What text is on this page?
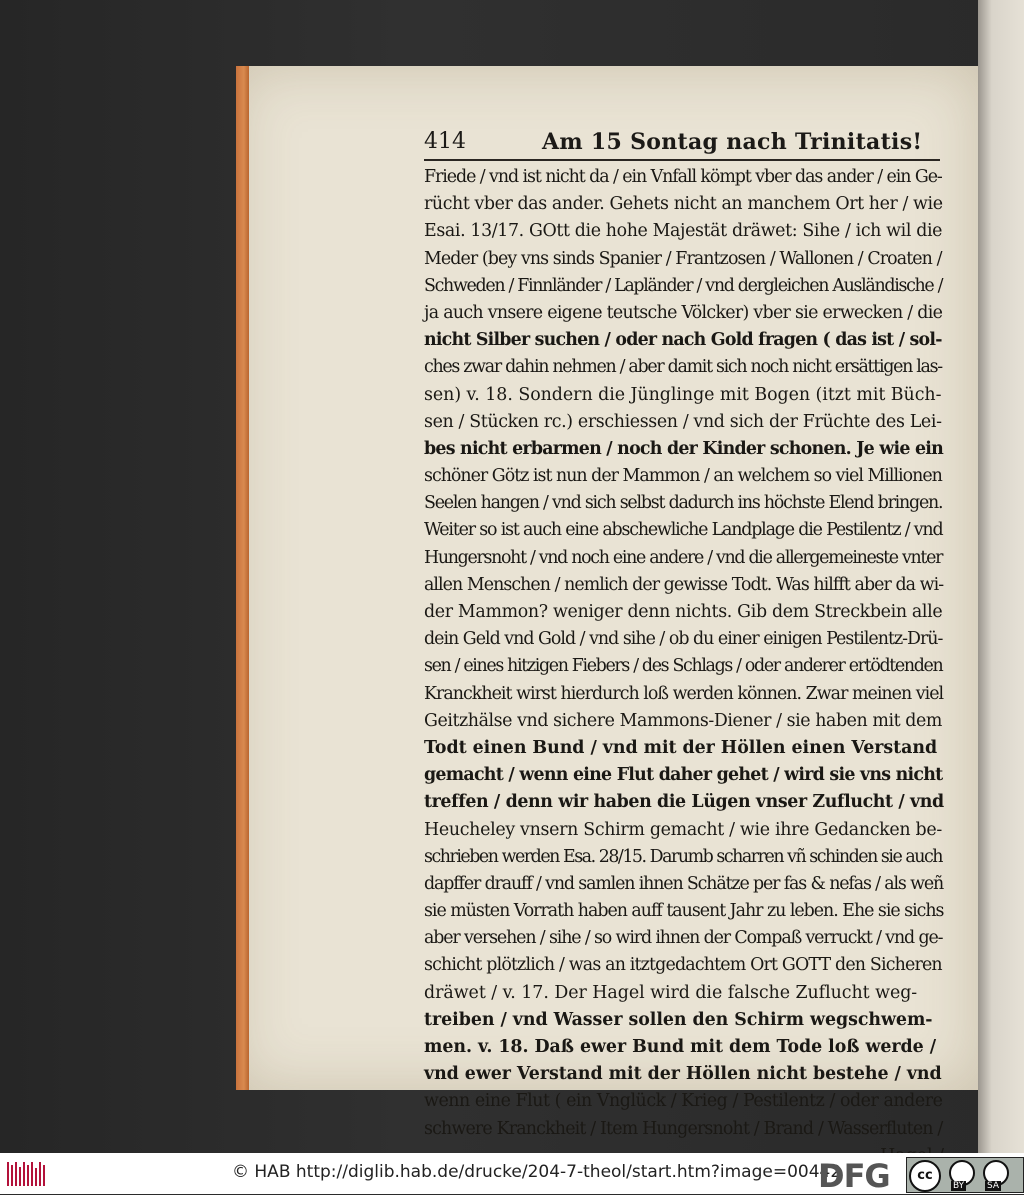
414	Am 15 Sontag nach Trinitatis!
Friede / vnd ist nicht da / ein Vnfall kömpt vber das ander / ein Ge-
rücht vber das ander. Gehets nicht an manchem Ort her / wie
Esai. 13/17. GOtt die hohe Majestät dräwet: Sihe / ich wil die
Meder (bey vns sinds Spanier / Frantzosen / Wallonen / Croaten /
Schweden / Finnländer / Lapländer / vnd dergleichen Ausländische /
ja auch vnsere eigene teutsche Völcker) vber sie erwecken / die
nicht Silber suchen / oder nach Gold fragen ( das ist / sol-
ches zwar dahin nehmen / aber damit sich noch nicht ersättigen las-
sen) v. 18. Sondern die Jünglinge mit Bogen (itzt mit Büch-
sen / Stücken rc.) erschiessen / vnd sich der Früchte des Lei-
bes nicht erbarmen / noch der Kinder schonen. Je wie ein
schöner Götz ist nun der Mammon / an welchem so viel Millionen
Seelen hangen / vnd sich selbst dadurch ins höchste Elend bringen.
Weiter so ist auch eine abschewliche Landplage die Pestilentz / vnd
Hungersnoht / vnd noch eine andere / vnd die allergemeineste vnter
allen Menschen / nemlich der gewisse Todt. Was hilfft aber da wi-
der Mammon? weniger denn nichts. Gib dem Streckbein alle
dein Geld vnd Gold / vnd sihe / ob du einer einigen Pestilentz-Drü-
sen / eines hitzigen Fiebers / des Schlags / oder anderer ertödtenden
Kranckheit wirst hierdurch loß werden können. Zwar meinen viel
Geitzhälse vnd sichere Mammons-Diener / sie haben mit dem
Todt einen Bund / vnd mit der Höllen einen Verstand
gemacht / wenn eine Flut daher gehet / wird sie vns nicht
treffen / denn wir haben die Lügen vnser Zuflucht / vnd
Heucheley vnsern Schirm gemacht / wie ihre Gedancken be-
schrieben werden Esa. 28/15. Darumb scharren vñ schinden sie auch
dapffer drauff / vnd samlen ihnen Schätze per fas & nefas / als weñ
sie müsten Vorrath haben auff tausent Jahr zu leben. Ehe sie sichs
aber versehen / sihe / so wird ihnen der Compaß verruckt / vnd ge-
schicht plötzlich / was an itztgedachtem Ort GOTT den Sicheren
dräwet / v. 17. Der Hagel wird die falsche Zuflucht weg-
treiben / vnd Wasser sollen den Schirm wegschwem-
men. v. 18. Daß ewer Bund mit dem Tode loß werde /
vnd ewer Verstand mit der Höllen nicht bestehe / vnd
wenn eine Flut ( ein Vnglück / Krieg / Pestilentz / oder andere
schwere Kranckheit / Item Hungersnoht / Brand / Wasserfluten /
© HAB http://diglib.hab.de/drucke/204-7-theol/start.htm?image=00442
DFG	cc
BY	SA
